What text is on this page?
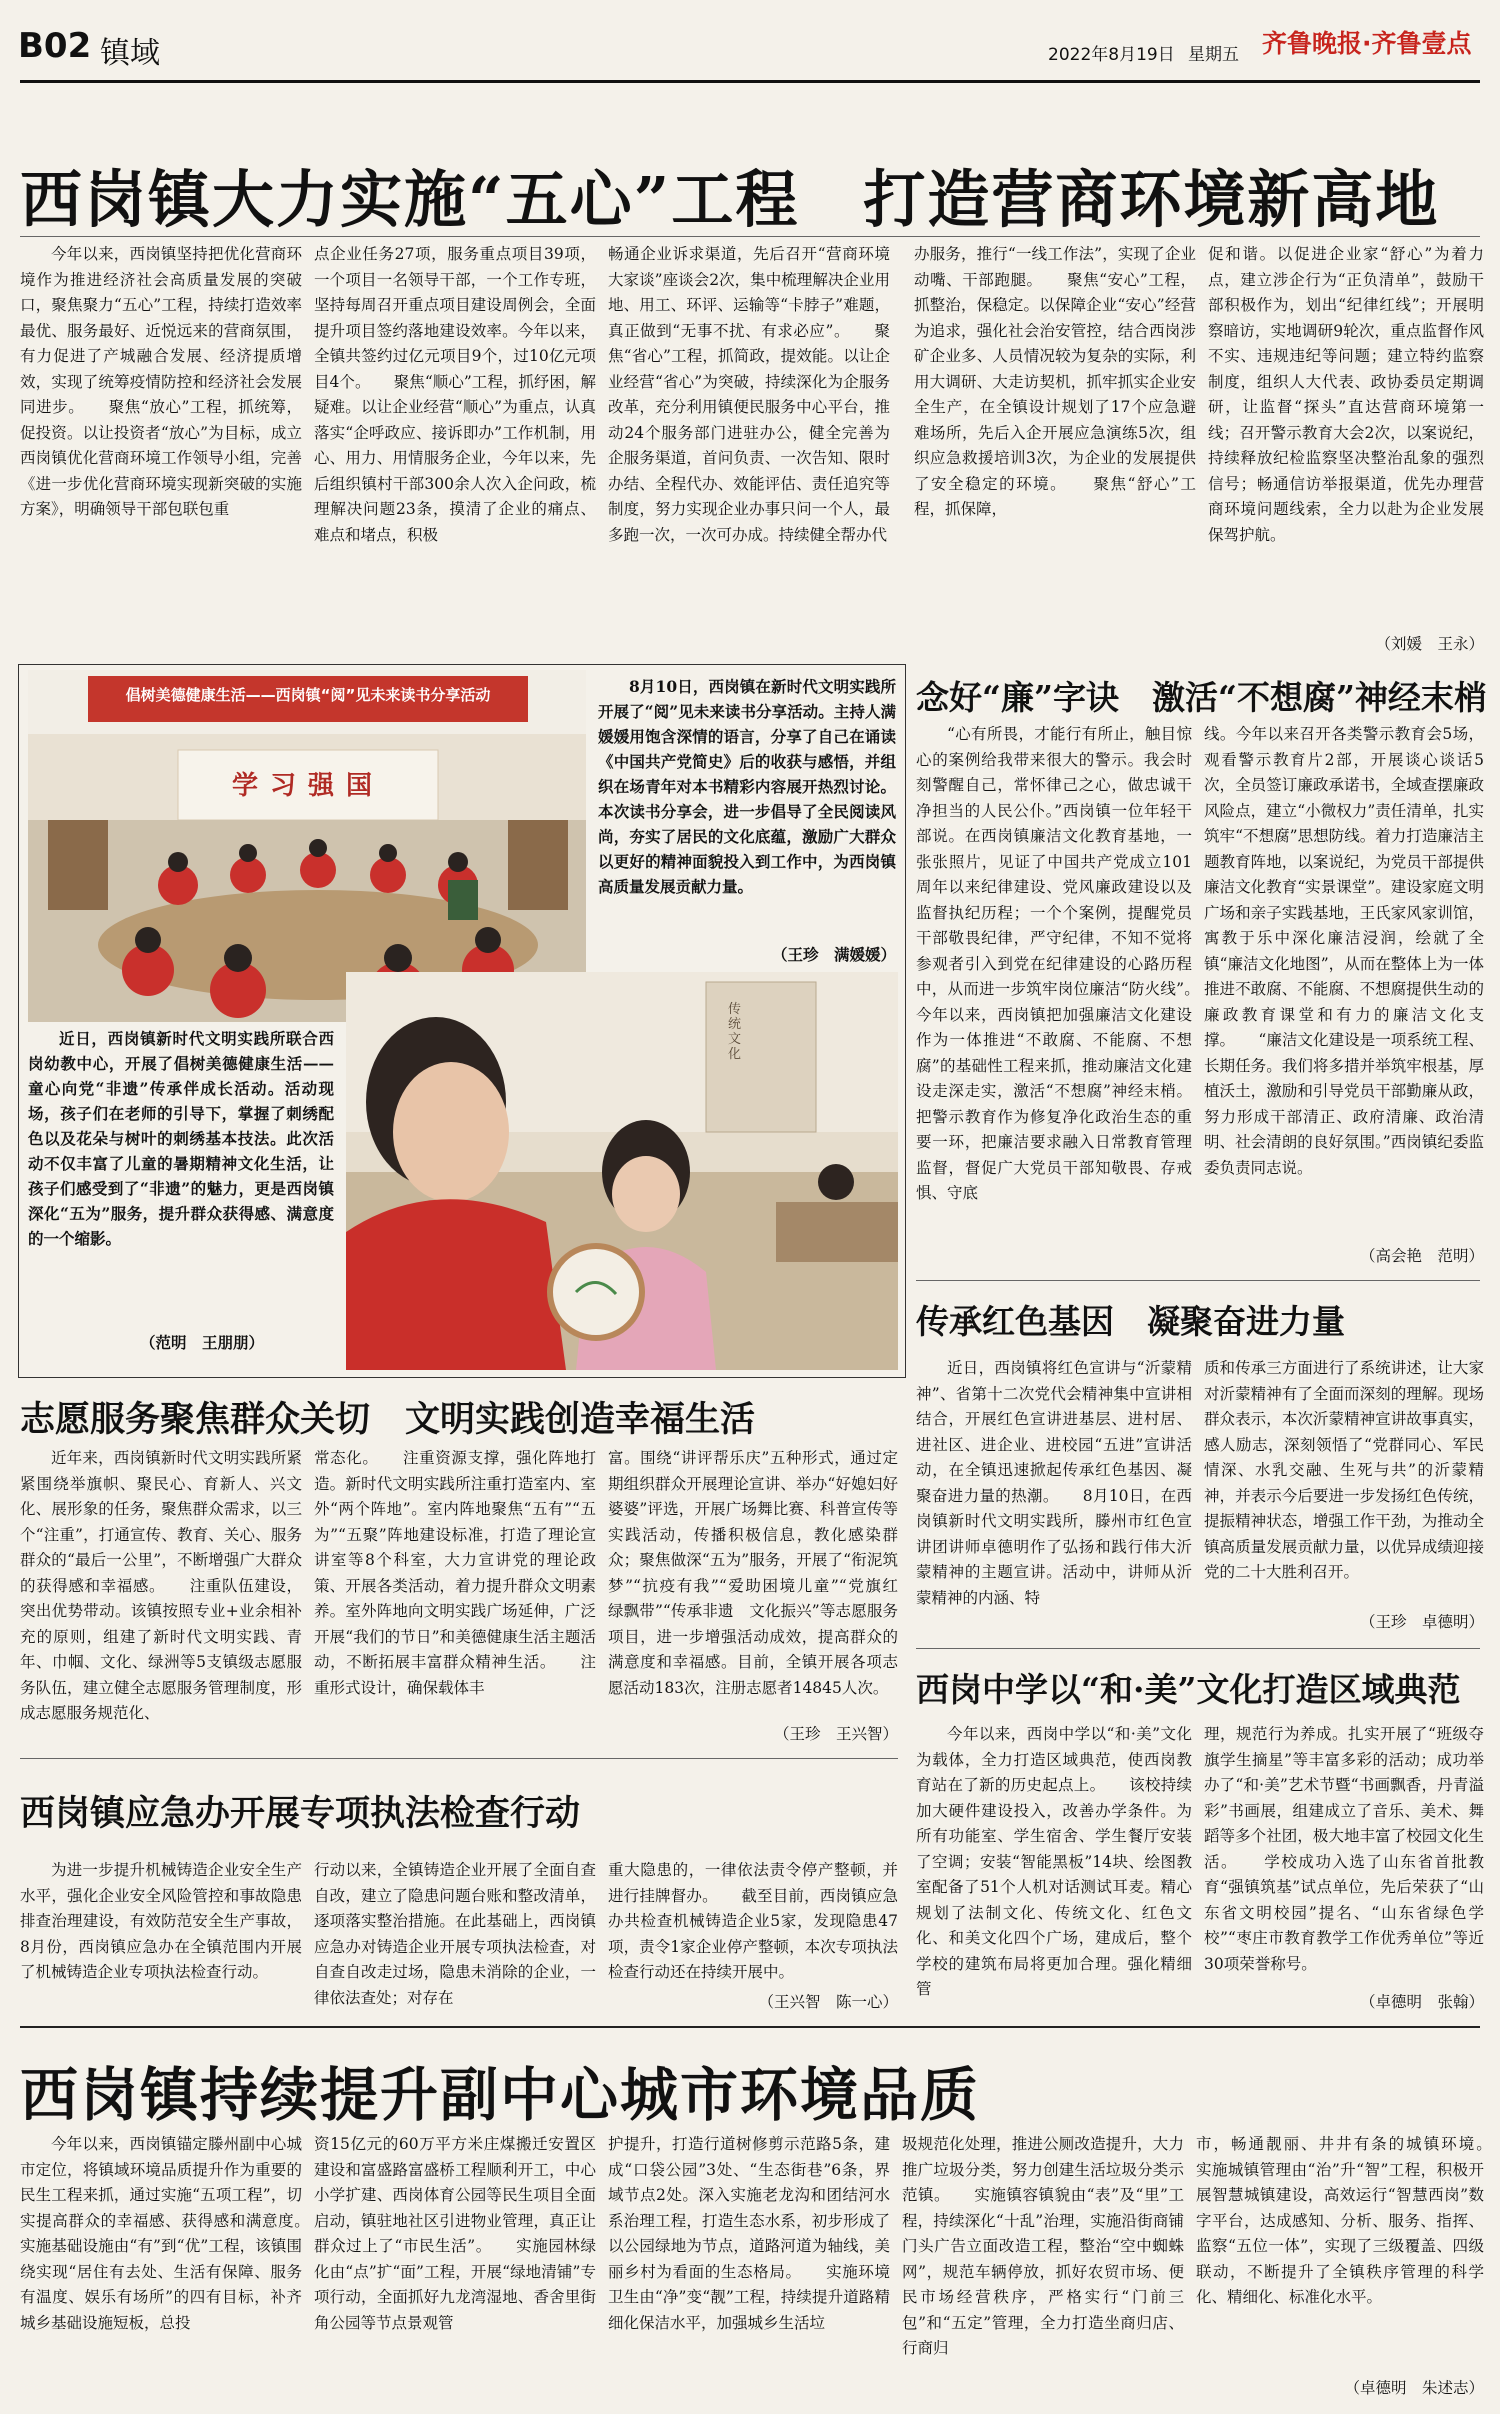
B02 镇域	2022年8月19日 星期五 齐鲁晚报·齐鲁壹点
西岗镇大力实施“五心”工程　打造营商环境新高地

今年以来，西岗镇坚持把优化营商环境作为推进经济社会高质量发展的突破口，聚焦聚力“五心”工程，持续打造效率最优、服务最好、近悦远来的营商氛围，有力促进了产城融合发展、经济提质增效，实现了统筹疫情防控和经济社会发展同进步。　　聚焦“放心”工程，抓统筹，促投资。以让投资者“放心”为目标，成立西岗镇优化营商环境工作领导小组，完善《进一步优化营商环境实现新突破的实施方案》，明确领导干部包联包重

点企业任务27项，服务重点项目39项，一个项目一名领导干部，一个工作专班，坚持每周召开重点项目建设周例会，全面提升项目签约落地建设效率。今年以来，全镇共签约过亿元项目9个，过10亿元项目4个。　　聚焦“顺心”工程，抓纾困，解疑难。以让企业经营“顺心”为重点，认真落实“企呼政应、接诉即办”工作机制，用心、用力、用情服务企业，今年以来，先后组织镇村干部300余人次入企问政，梳理解决问题23条，摸清了企业的痛点、难点和堵点，积极

畅通企业诉求渠道，先后召开“营商环境大家谈”座谈会2次，集中梳理解决企业用地、用工、环评、运输等“卡脖子”难题，真正做到“无事不扰、有求必应”。　　聚焦“省心”工程，抓简政，提效能。以让企业经营“省心”为突破，持续深化为企服务改革，充分利用镇便民服务中心平台，推动24个服务部门进驻办公，健全完善为企服务渠道，首问负责、一次告知、限时办结、全程代办、效能评估、责任追究等制度，努力实现企业办事只问一个人，最多跑一次，一次可办成。持续健全帮办代

办服务，推行“一线工作法”，实现了企业动嘴、干部跑腿。　　聚焦“安心”工程，抓整治，保稳定。以保障企业“安心”经营为追求，强化社会治安管控，结合西岗涉矿企业多、人员情况较为复杂的实际，利用大调研、大走访契机，抓牢抓实企业安全生产，在全镇设计规划了17个应急避难场所，先后入企开展应急演练5次，组织应急救援培训3次，为企业的发展提供了安全稳定的环境。　　聚焦“舒心”工程，抓保障，

促和谐。以促进企业家“舒心”为着力点，建立涉企行为“正负清单”，鼓励干部积极作为，划出“纪律红线”；开展明察暗访，实地调研9轮次，重点监督作风不实、违规违纪等问题；建立特约监察制度，组织人大代表、政协委员定期调研，让监督“探头”直达营商环境第一线；召开警示教育大会2次，以案说纪，持续释放纪检监察坚决整治乱象的强烈信号；畅通信访举报渠道，优先办理营商环境问题线索，全力以赴为企业发展保驾护航。

（刘媛　王永）
倡树美德健康生活——西岗镇“阅”见未来读书分享活动
学习强国

8月10日，西岗镇在新时代文明实践所开展了“阅”见未来读书分享活动。主持人满媛媛用饱含深情的语言，分享了自己在诵读《中国共产党简史》后的收获与感悟，并组织在场青年对本书精彩内容展开热烈讨论。本次读书分享会，进一步倡导了全民阅读风尚，夯实了居民的文化底蕴，激励广大群众以更好的精神面貌投入到工作中，为西岗镇高质量发展贡献力量。

（王珍　满媛媛）
传统文化

近日，西岗镇新时代文明实践所联合西岗幼教中心，开展了倡树美德健康生活——童心向党“非遗”传承伴成长活动。活动现场，孩子们在老师的引导下，掌握了刺绣配色以及花朵与树叶的刺绣基本技法。此次活动不仅丰富了儿童的暑期精神文化生活，让孩子们感受到了“非遗”的魅力，更是西岗镇深化“五为”服务，提升群众获得感、满意度的一个缩影。

（范明　王朋朋）
念好“廉”字诀　激活“不想腐”神经末梢

“心有所畏，才能行有所止，触目惊心的案例给我带来很大的警示。我会时刻警醒自己，常怀律己之心，做忠诚干净担当的人民公仆。”西岗镇一位年轻干部说。在西岗镇廉洁文化教育基地，一张张照片，见证了中国共产党成立101周年以来纪律建设、党风廉政建设以及监督执纪历程；一个个案例，提醒党员干部敬畏纪律，严守纪律，不知不觉将参观者引入到党在纪律建设的心路历程中，从而进一步筑牢岗位廉洁“防火线”。　　今年以来，西岗镇把加强廉洁文化建设作为一体推进“不敢腐、不能腐、不想腐”的基础性工程来抓，推动廉洁文化建设走深走实，激活“不想腐”神经末梢。把警示教育作为修复净化政治生态的重要一环，把廉洁要求融入日常教育管理监督，督促广大党员干部知敬畏、存戒惧、守底

线。今年以来召开各类警示教育会5场，观看警示教育片2部，开展谈心谈话5次，全员签订廉政承诺书，全域查摆廉政风险点，建立“小微权力”责任清单，扎实筑牢“不想腐”思想防线。着力打造廉洁主题教育阵地，以案说纪，为党员干部提供廉洁文化教育“实景课堂”。建设家庭文明广场和亲子实践基地，王氏家风家训馆，寓教于乐中深化廉洁浸润，绘就了全镇“廉洁文化地图”，从而在整体上为一体推进不敢腐、不能腐、不想腐提供生动的廉政教育课堂和有力的廉洁文化支撑。　　“廉洁文化建设是一项系统工程、长期任务。我们将多措并举筑牢根基，厚植沃土，激励和引导党员干部勤廉从政，努力形成干部清正、政府清廉、政治清明、社会清朗的良好氛围。”西岗镇纪委监委负责同志说。

（高会艳　范明）
传承红色基因　凝聚奋进力量

近日，西岗镇将红色宣讲与“沂蒙精神”、省第十二次党代会精神集中宣讲相结合，开展红色宣讲进基层、进村居、进社区、进企业、进校园“五进”宣讲活动，在全镇迅速掀起传承红色基因、凝聚奋进力量的热潮。　　8月10日，在西岗镇新时代文明实践所，滕州市红色宣讲团讲师卓德明作了弘扬和践行伟大沂蒙精神的主题宣讲。活动中，讲师从沂蒙精神的内涵、特

质和传承三方面进行了系统讲述，让大家对沂蒙精神有了全面而深刻的理解。现场群众表示，本次沂蒙精神宣讲故事真实，感人励志，深刻领悟了“党群同心、军民情深、水乳交融、生死与共”的沂蒙精神，并表示今后要进一步发扬红色传统，提振精神状态，增强工作干劲，为推动全镇高质量发展贡献力量，以优异成绩迎接党的二十大胜利召开。

（王珍　卓德明）
志愿服务聚焦群众关切　文明实践创造幸福生活

近年来，西岗镇新时代文明实践所紧紧围绕举旗帜、聚民心、育新人、兴文化、展形象的任务，聚焦群众需求，以三个“注重”，打通宣传、教育、关心、服务群众的“最后一公里”，不断增强广大群众的获得感和幸福感。　　注重队伍建设，突出优势带动。该镇按照专业+业余相补充的原则，组建了新时代文明实践、青年、巾帼、文化、绿洲等5支镇级志愿服务队伍，建立健全志愿服务管理制度，形成志愿服务规范化、

常态化。　　注重资源支撑，强化阵地打造。新时代文明实践所注重打造室内、室外“两个阵地”。室内阵地聚焦“五有”“五为”“五聚”阵地建设标准，打造了理论宣讲室等8个科室，大力宣讲党的理论政策、开展各类活动，着力提升群众文明素养。室外阵地向文明实践广场延伸，广泛开展“我们的节日”和美德健康生活主题活动，不断拓展丰富群众精神生活。　　注重形式设计，确保载体丰

富。围绕“讲评帮乐庆”五种形式，通过定期组织群众开展理论宣讲、举办“好媳妇好婆婆”评选，开展广场舞比赛、科普宣传等实践活动，传播积极信息，教化感染群众；聚焦做深“五为”服务，开展了“衔泥筑梦”“抗疫有我”“爱助困境儿童”“党旗红　绿飘带”“传承非遗　文化振兴”等志愿服务项目，进一步增强活动成效，提高群众的满意度和幸福感。目前，全镇开展各项志愿活动183次，注册志愿者14845人次。

（王珍　王兴智）
西岗镇应急办开展专项执法检查行动

为进一步提升机械铸造企业安全生产水平，强化企业安全风险管控和事故隐患排查治理建设，有效防范安全生产事故，8月份，西岗镇应急办在全镇范围内开展了机械铸造企业专项执法检查行动。

行动以来，全镇铸造企业开展了全面自查自改，建立了隐患问题台账和整改清单，逐项落实整治措施。在此基础上，西岗镇应急办对铸造企业开展专项执法检查，对自查自改走过场，隐患未消除的企业，一律依法查处；对存在

重大隐患的，一律依法责令停产整顿，并进行挂牌督办。　　截至目前，西岗镇应急办共检查机械铸造企业5家，发现隐患47项，责令1家企业停产整顿，本次专项执法检查行动还在持续开展中。

（王兴智　陈一心）
西岗中学以“和·美”文化打造区域典范

今年以来，西岗中学以“和·美”文化为载体，全力打造区域典范，使西岗教育站在了新的历史起点上。　　该校持续加大硬件建设投入，改善办学条件。为所有功能室、学生宿舍、学生餐厅安装了空调；安装“智能黑板”14块、绘图教室配备了51个人机对话测试耳麦。精心规划了法制文化、传统文化、红色文化、和美文化四个广场，建成后，整个学校的建筑布局将更加合理。强化精细管

理，规范行为养成。扎实开展了“班级夺旗学生摘星”等丰富多彩的活动；成功举办了“和·美”艺术节暨“书画飘香，丹青溢彩”书画展，组建成立了音乐、美术、舞蹈等多个社团，极大地丰富了校园文化生活。　　学校成功入选了山东省首批教育“强镇筑基”试点单位，先后荣获了“山东省文明校园”提名、“山东省绿色学校”“枣庄市教育教学工作优秀单位”等近30项荣誉称号。

（卓德明　张翰）
西岗镇持续提升副中心城市环境品质

今年以来，西岗镇锚定滕州副中心城市定位，将镇域环境品质提升作为重要的民生工程来抓，通过实施“五项工程”，切实提高群众的幸福感、获得感和满意度。　　实施基础设施由“有”到“优”工程，该镇围绕实现“居住有去处、生活有保障、服务有温度、娱乐有场所”的四有目标，补齐城乡基础设施短板，总投

资15亿元的60万平方米庄煤搬迁安置区建设和富盛路富盛桥工程顺利开工，中心小学扩建、西岗体育公园等民生项目全面启动，镇驻地社区引进物业管理，真正让群众过上了“市民生活”。　　实施园林绿化由“点”扩“面”工程，开展“绿地清铺”专项行动，全面抓好九龙湾湿地、香舍里街角公园等节点景观管

护提升，打造行道树修剪示范路5条，建成“口袋公园”3处、“生态街巷”6条，界域节点2处。深入实施老龙沟和团结河水系治理工程，打造生态水系，初步形成了以公园绿地为节点，道路河道为轴线，美丽乡村为看面的生态格局。　　实施环境卫生由“净”变“靓”工程，持续提升道路精细化保洁水平，加强城乡生活垃

圾规范化处理，推进公厕改造提升，大力推广垃圾分类，努力创建生活垃圾分类示范镇。　　实施镇容镇貌由“表”及“里”工程，持续深化“十乱”治理，实施沿街商铺门头广告立面改造工程，整治“空中蜘蛛网”，规范车辆停放，抓好农贸市场、便民市场经营秩序，严格实行“门前三包”和“五定”管理，全力打造坐商归店、行商归

市，畅通靓丽、井井有条的城镇环境。　　实施城镇管理由“治”升“智”工程，积极开展智慧城镇建设，高效运行“智慧西岗”数字平台，达成感知、分析、服务、指挥、监察“五位一体”，实现了三级覆盖、四级联动，不断提升了全镇秩序管理的科学化、精细化、标准化水平。

（卓德明　朱述志）
